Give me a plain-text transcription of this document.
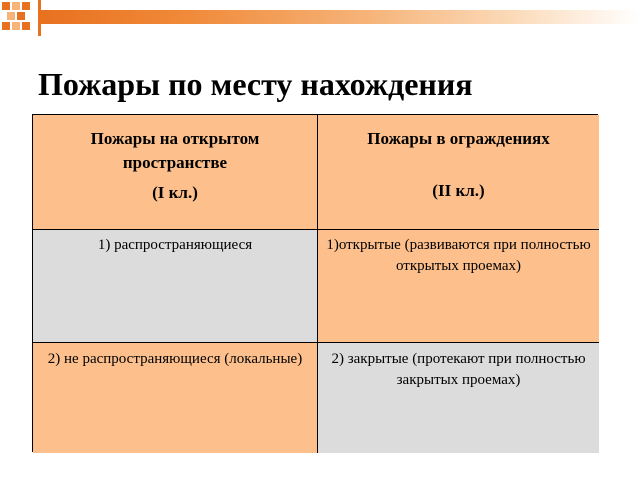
Пожары по месту нахождения
Пожары на открытом пространстве
(I кл.)
Пожары в ограждениях
(II кл.)
1) распространяющиеся	1)открытые (развиваются при полностью открытых проемах)
2) не распространяющиеся (локальные)	2) закрытые (протекают при полностью закрытых проемах)
